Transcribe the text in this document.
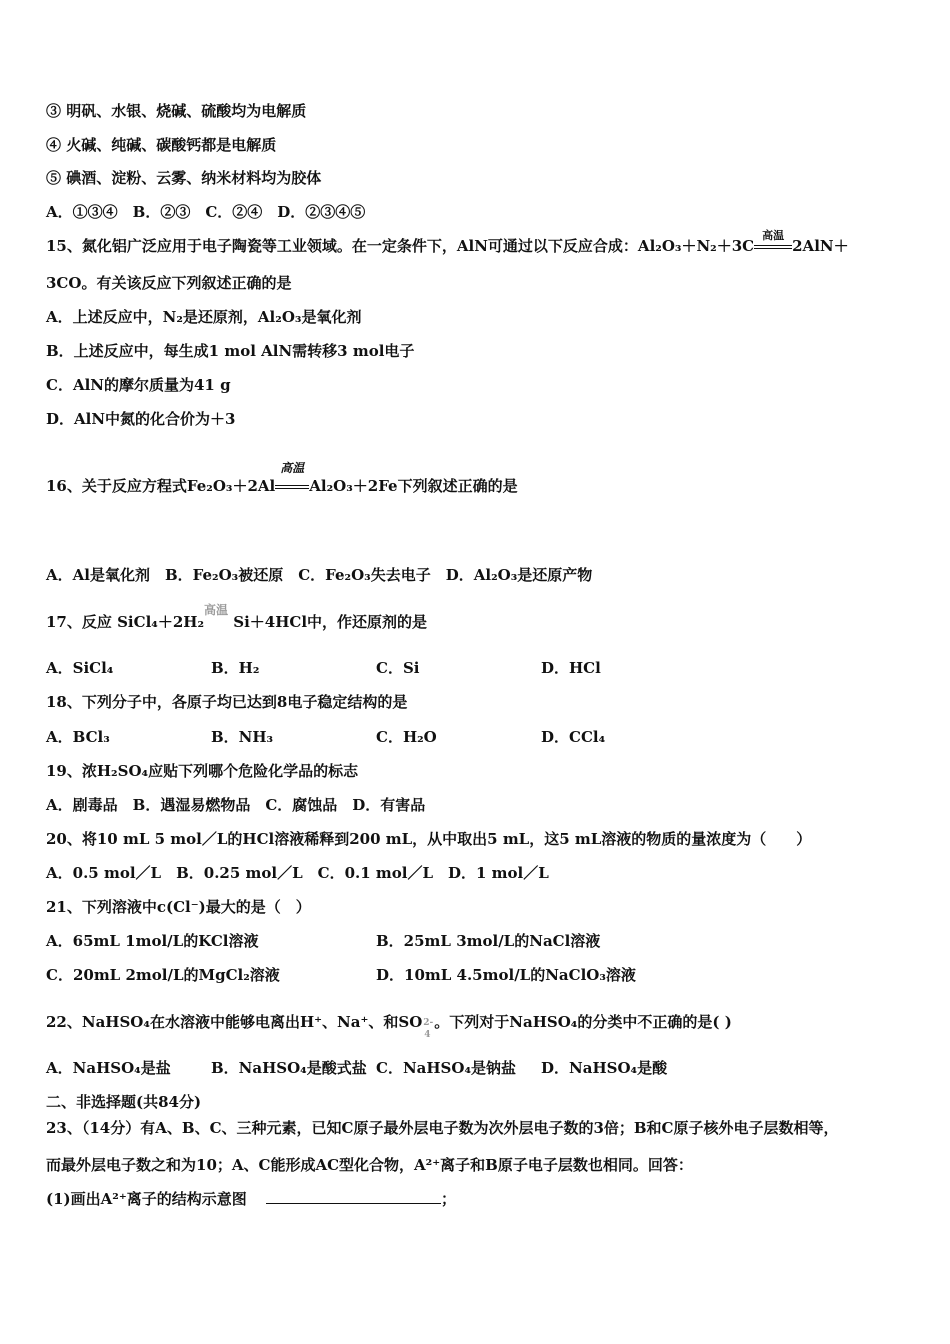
③ 明矾、水银、烧碱、硫酸均为电解质
④ 火碱、纯碱、碳酸钙都是电解质
⑤ 碘酒、淀粉、云雾、纳米材料均为胶体
A．①③④　B．②③　C．②④　D．②③④⑤
15、氮化铝广泛应用于电子陶瓷等工业领域。在一定条件下，AlN可通过以下反应合成：Al₂O₃＋N₂＋3C
高温
2AlN＋
3CO。有关该反应下列叙述正确的是
A．上述反应中，N₂是还原剂，Al₂O₃是氧化剂
B．上述反应中，每生成1 mol AlN需转移3 mol电子
C．AlN的摩尔质量为41 g
D．AlN中氮的化合价为＋3
16、关于反应方程式Fe₂O₃＋2Al
高温
Al₂O₃＋2Fe下列叙述正确的是
A．Al是氧化剂　B．Fe₂O₃被还原　C．Fe₂O₃失去电子　D．Al₂O₃是还原产物
17、反应 SiCl₄＋2H₂
高温
Si＋4HCl中，作还原剂的是
A．SiCl₄	B．H₂	C．Si	D．HCl
18、下列分子中，各原子均已达到8电子稳定结构的是
A．BCl₃	B．NH₃	C．H₂O	D．CCl₄
19、浓H₂SO₄应贴下列哪个危险化学品的标志
A．剧毒品　B．遇湿易燃物品　C．腐蚀品　D．有害品
20、将10 mL 5 mol／L的HCl溶液稀释到200 mL，从中取出5 mL，这5 mL溶液的物质的量浓度为（　　）
A．0.5 mol／L　B．0.25 mol／L　C．0.1 mol／L　D．1 mol／L
21、下列溶液中c(Cl⁻)最大的是（　）
A．65mL 1mol/L的KCl溶液	B．25mL 3mol/L的NaCl溶液
C．20mL 2mol/L的MgCl₂溶液	D．10mL 4.5mol/L的NaClO₃溶液
22、NaHSO₄在水溶液中能够电离出H⁺、Na⁺、和SO 2-
4
。下列对于NaHSO₄的分类中不正确的是( )
A．NaHSO₄是盐	B．NaHSO₄是酸式盐 C．NaHSO₄是钠盐 D．NaHSO₄是酸
二、非选择题(共84分)
23、（14分）有A、B、C、三种元素，已知C原子最外层电子数为次外层电子数的3倍；B和C原子核外电子层数相等，
而最外层电子数之和为10；A、C能形成AC型化合物，A²⁺离子和B原子电子层数也相同。回答：
(1)画出A²⁺离子的结构示意图	；
